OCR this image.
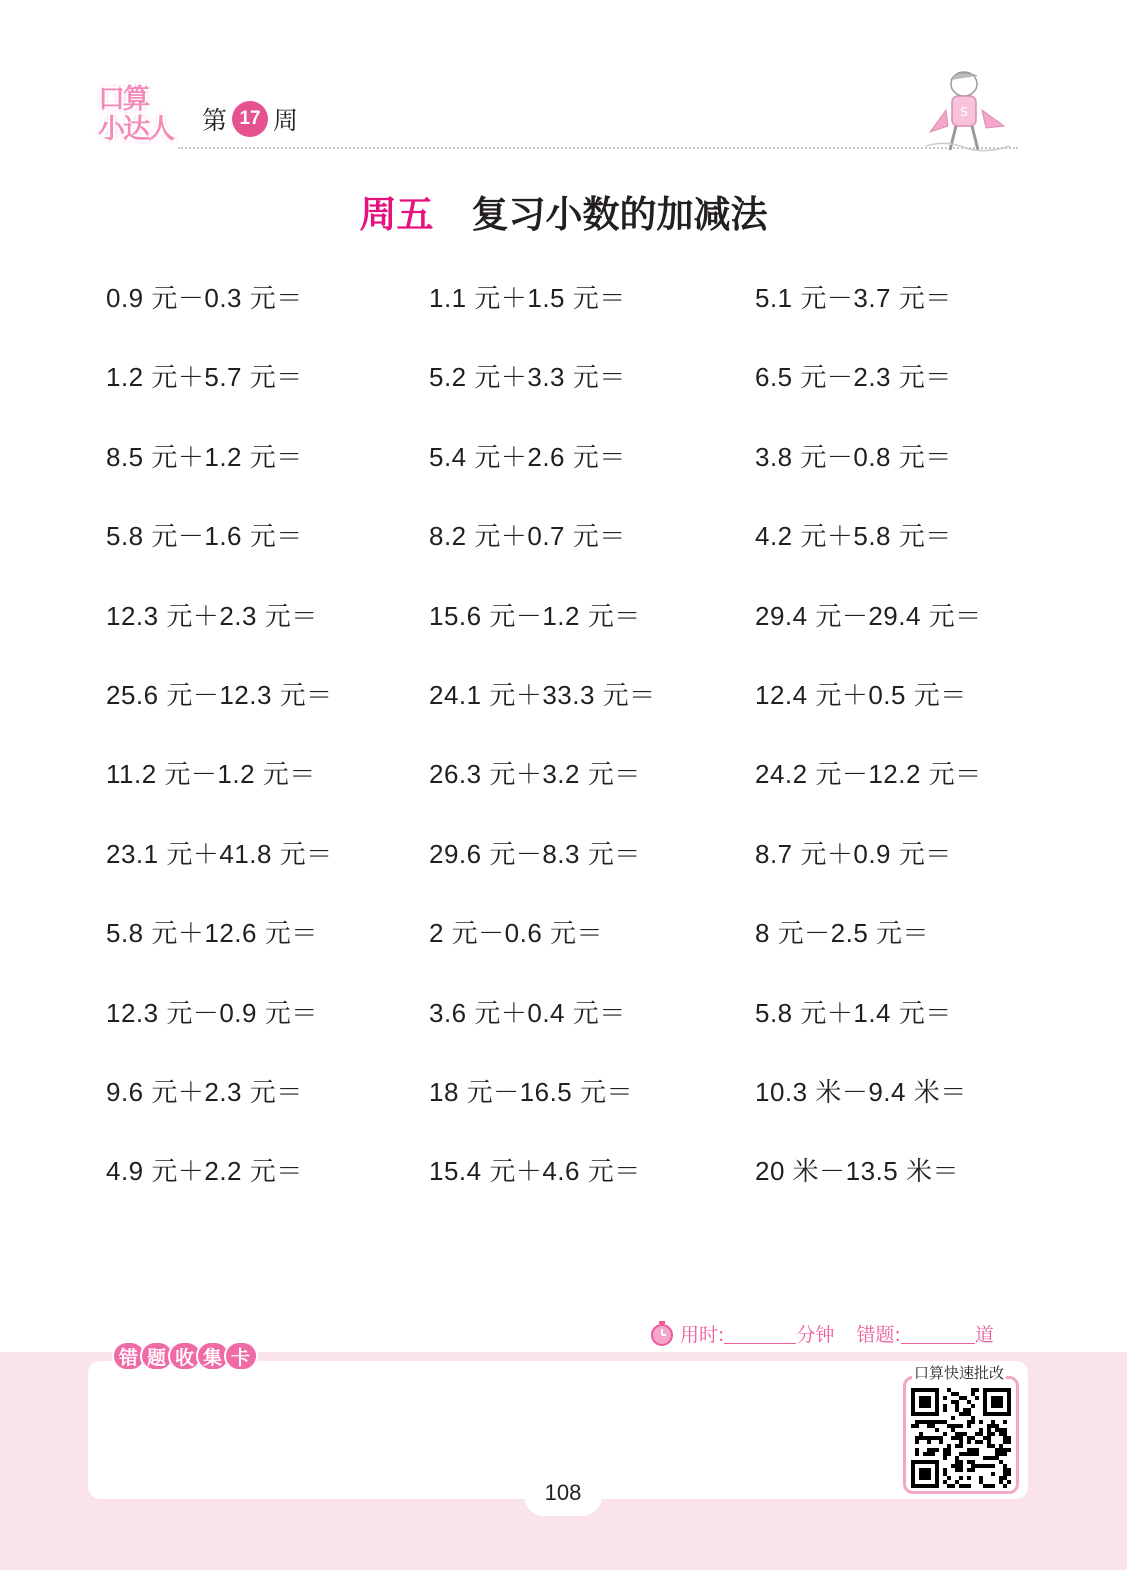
口算
小达人 第 17 周	S
周五 复习小数的加减法
0.9 元－0.3 元＝	1.1 元＋1.5 元＝	5.1 元－3.7 元＝
1.2 元＋5.7 元＝	5.2 元＋3.3 元＝	6.5 元－2.3 元＝
8.5 元＋1.2 元＝	5.4 元＋2.6 元＝	3.8 元－0.8 元＝
5.8 元－1.6 元＝	8.2 元＋0.7 元＝	4.2 元＋5.8 元＝
12.3 元＋2.3 元＝	15.6 元－1.2 元＝	29.4 元－29.4 元＝
25.6 元－12.3 元＝	24.1 元＋33.3 元＝	12.4 元＋0.5 元＝
11.2 元－1.2 元＝	26.3 元＋3.2 元＝	24.2 元－12.2 元＝
23.1 元＋41.8 元＝	29.6 元－8.3 元＝	8.7 元＋0.9 元＝
5.8 元＋12.6 元＝	2 元－0.6 元＝	8 元－2.5 元＝
12.3 元－0.9 元＝	3.6 元＋0.4 元＝	5.8 元＋1.4 元＝
9.6 元＋2.3 元＝	18 元－16.5 元＝	10.3 米－9.4 米＝
4.9 元＋2.2 元＝	15.4 元＋4.6 元＝	20 米－13.5 米＝
用时:	分钟 错题:	道
错 题 收 集 卡
口算快速批改
108
